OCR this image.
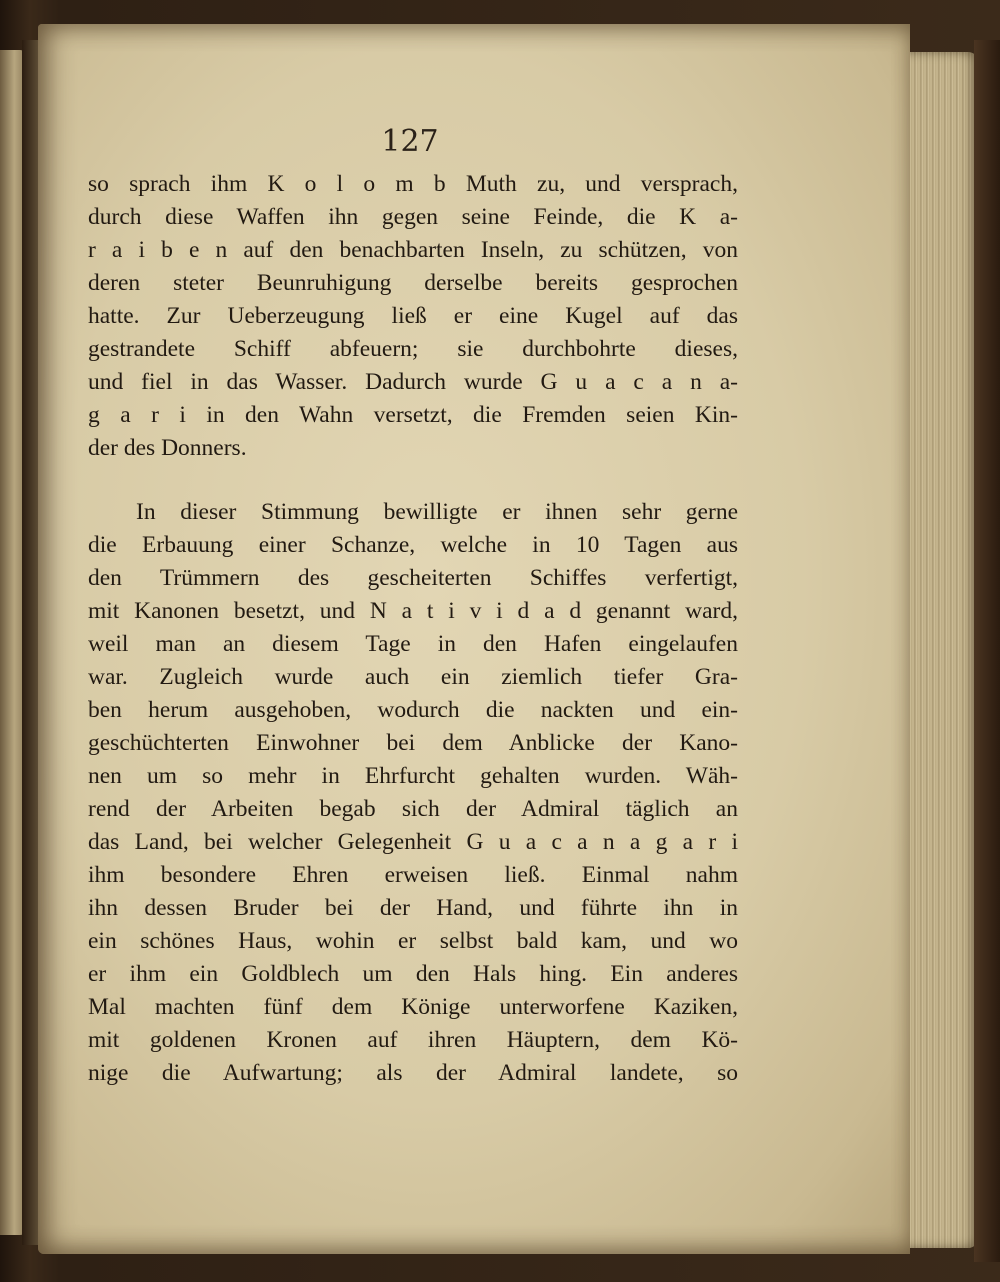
127
so sprach ihm K o l o m b Muth zu, und versprach,
durch diese Waffen ihn gegen seine Feinde, die K a-
r a i b e n auf den benachbarten Inseln, zu schützen, von
deren steter Beunruhigung derselbe bereits gesprochen
hatte. Zur Ueberzeugung ließ er eine Kugel auf das
gestrandete Schiff abfeuern; sie durchbohrte dieses,
und fiel in das Wasser. Dadurch wurde G u a c a n a-
g a r i in den Wahn versetzt, die Fremden seien Kin-
der des Donners.
In dieser Stimmung bewilligte er ihnen sehr gerne
die Erbauung einer Schanze, welche in 10 Tagen aus
den Trümmern des gescheiterten Schiffes verfertigt,
mit Kanonen besetzt, und N a t i v i d a d genannt ward,
weil man an diesem Tage in den Hafen eingelaufen
war. Zugleich wurde auch ein ziemlich tiefer Gra-
ben herum ausgehoben, wodurch die nackten und ein-
geschüchterten Einwohner bei dem Anblicke der Kano-
nen um so mehr in Ehrfurcht gehalten wurden. Wäh-
rend der Arbeiten begab sich der Admiral täglich an
das Land, bei welcher Gelegenheit G u a c a n a g a r i
ihm besondere Ehren erweisen ließ. Einmal nahm
ihn dessen Bruder bei der Hand, und führte ihn in
ein schönes Haus, wohin er selbst bald kam, und wo
er ihm ein Goldblech um den Hals hing. Ein anderes
Mal machten fünf dem Könige unterworfene Kaziken,
mit goldenen Kronen auf ihren Häuptern, dem Kö-
nige die Aufwartung; als der Admiral landete, so
